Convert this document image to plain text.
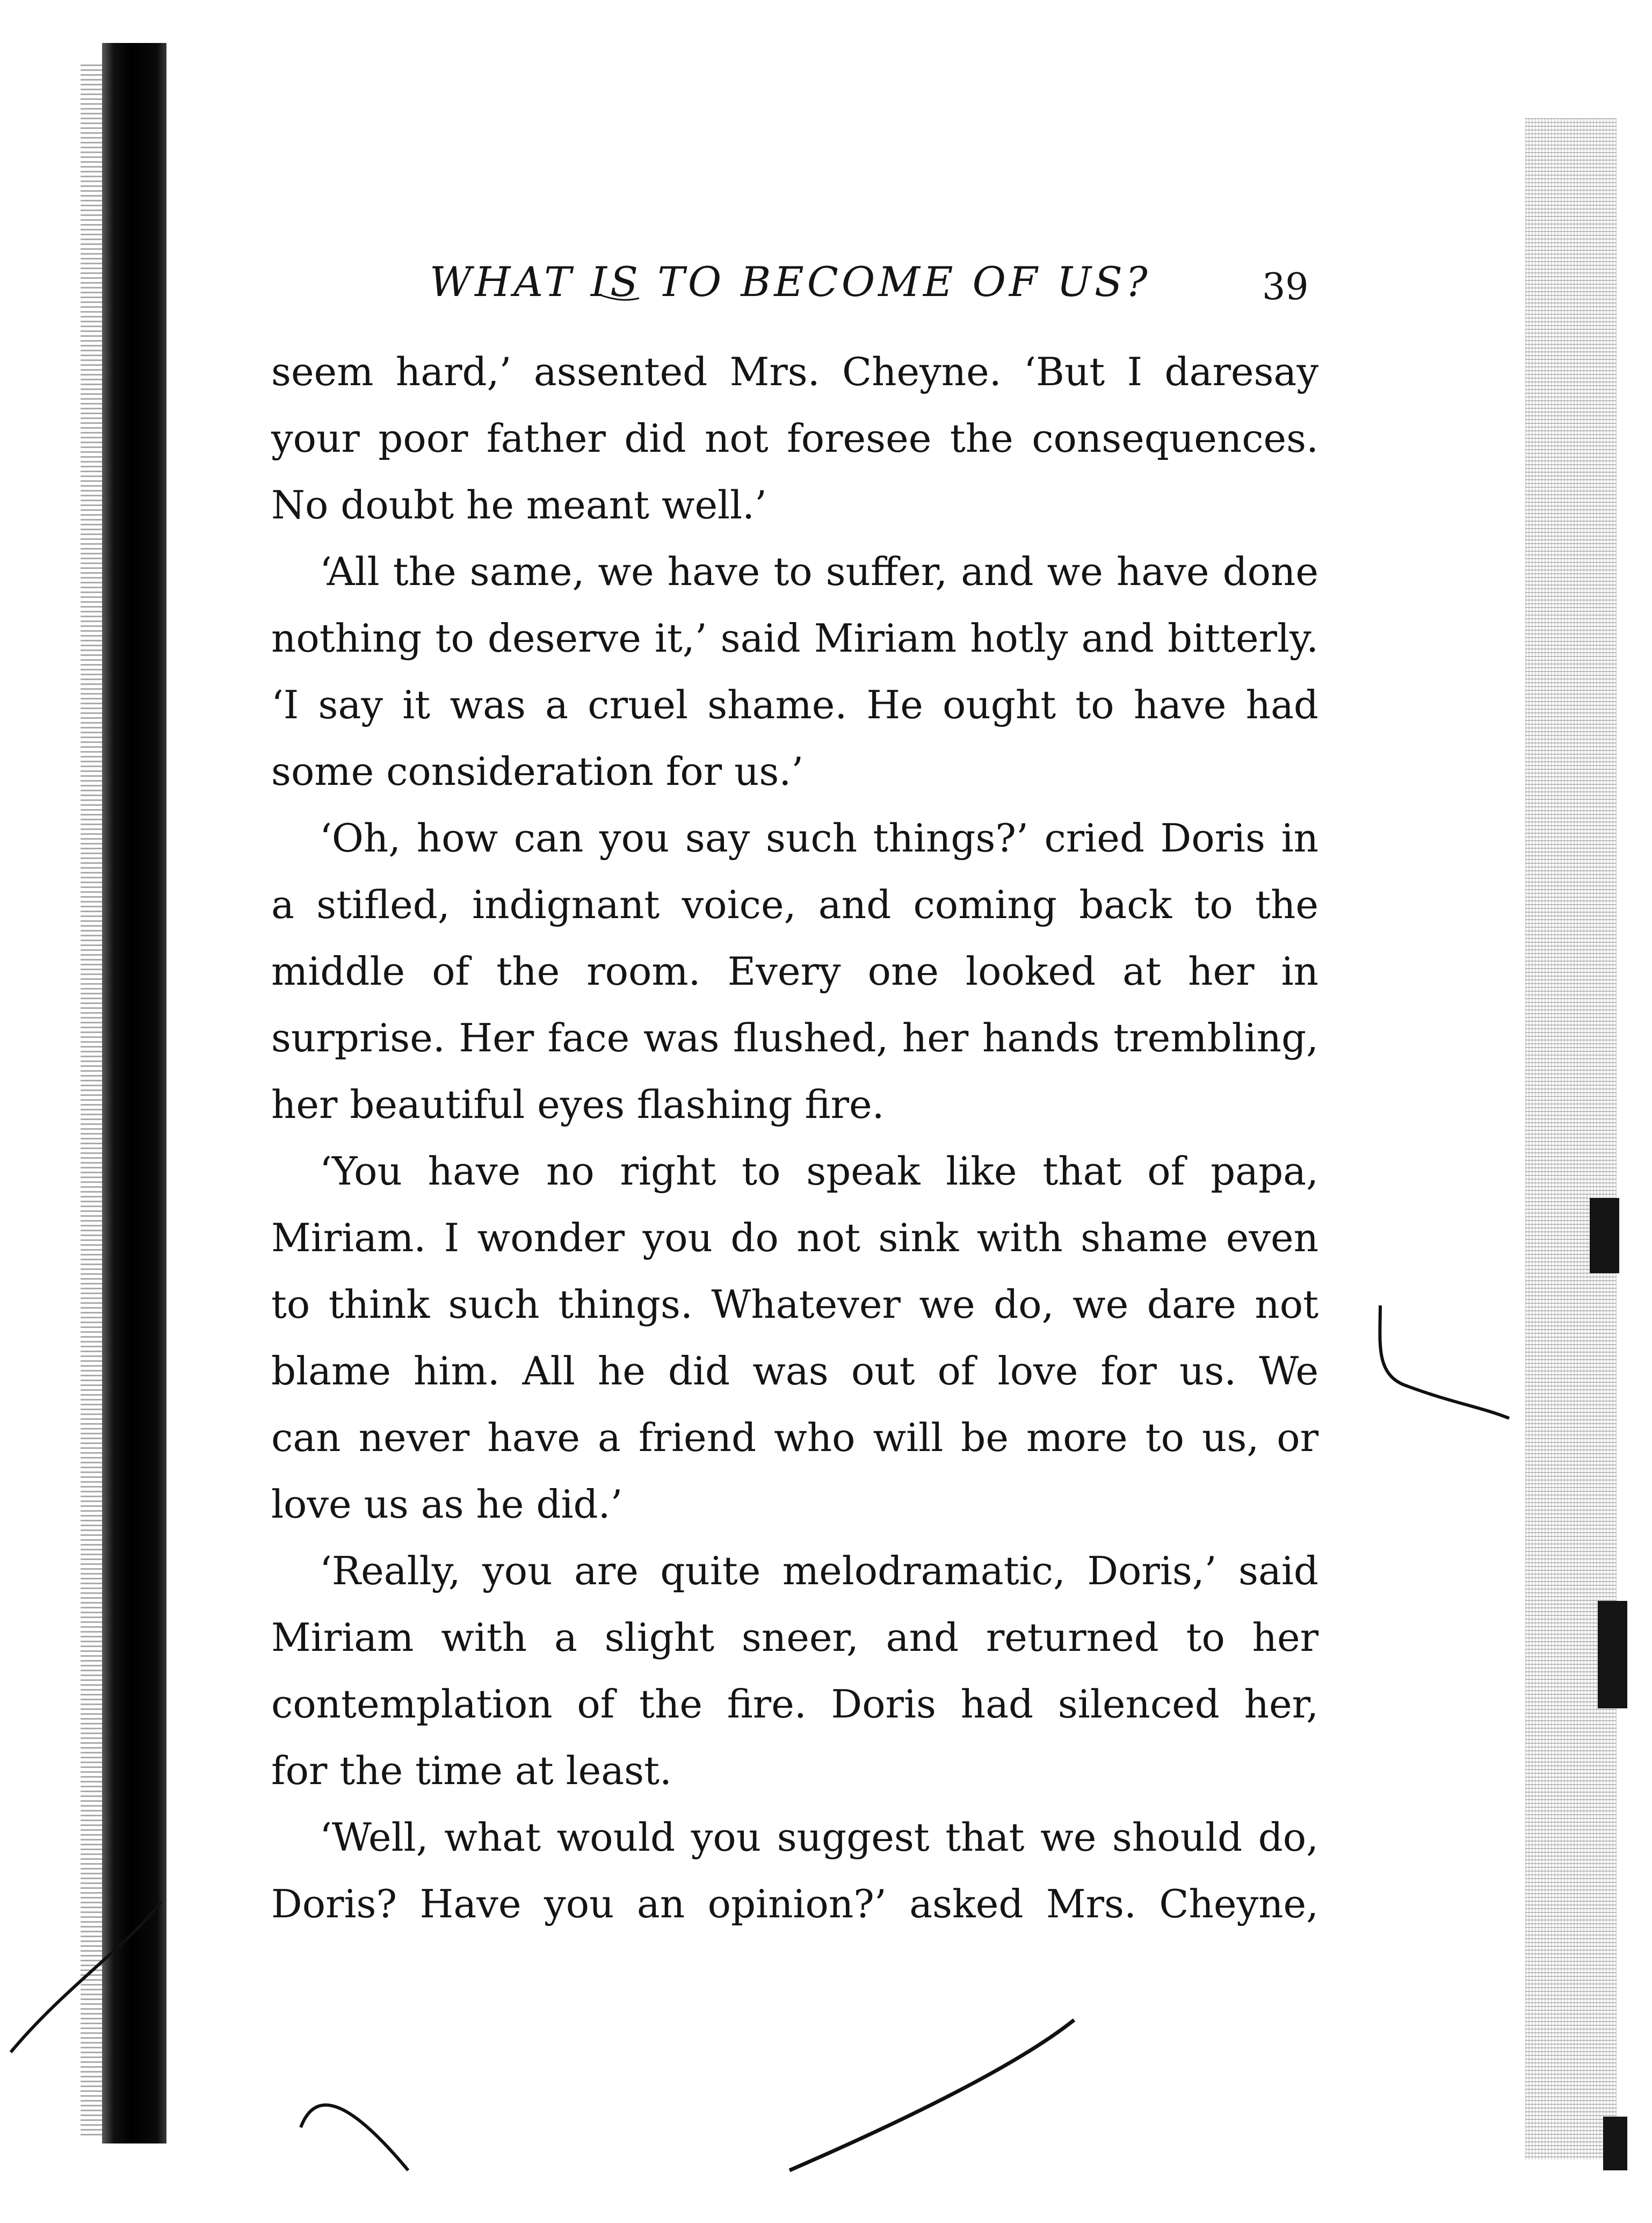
WHAT IS TO BECOME OF US?	39
seem hard,’ assented Mrs. Cheyne. ‘But I daresay
your poor father did not foresee the consequences.
No doubt he meant well.’
‘All the same, we have to suffer, and we have done
nothing to deserve it,’ said Miriam hotly and bitterly.
‘I say it was a cruel shame. He ought to have had
some consideration for us.’
‘Oh, how can you say such things?’ cried Doris in
a stifled, indignant voice, and coming back to the
middle of the room. Every one looked at her in
surprise. Her face was flushed, her hands trembling,
her beautiful eyes flashing fire.
‘You have no right to speak like that of papa,
Miriam. I wonder you do not sink with shame even
to think such things. Whatever we do, we dare not
blame him. All he did was out of love for us. We
can never have a friend who will be more to us, or
love us as he did.’
‘Really, you are quite melodramatic, Doris,’ said
Miriam with a slight sneer, and returned to her
contemplation of the fire. Doris had silenced her,
for the time at least.
‘Well, what would you suggest that we should do,
Doris? Have you an opinion?’ asked Mrs. Cheyne,
